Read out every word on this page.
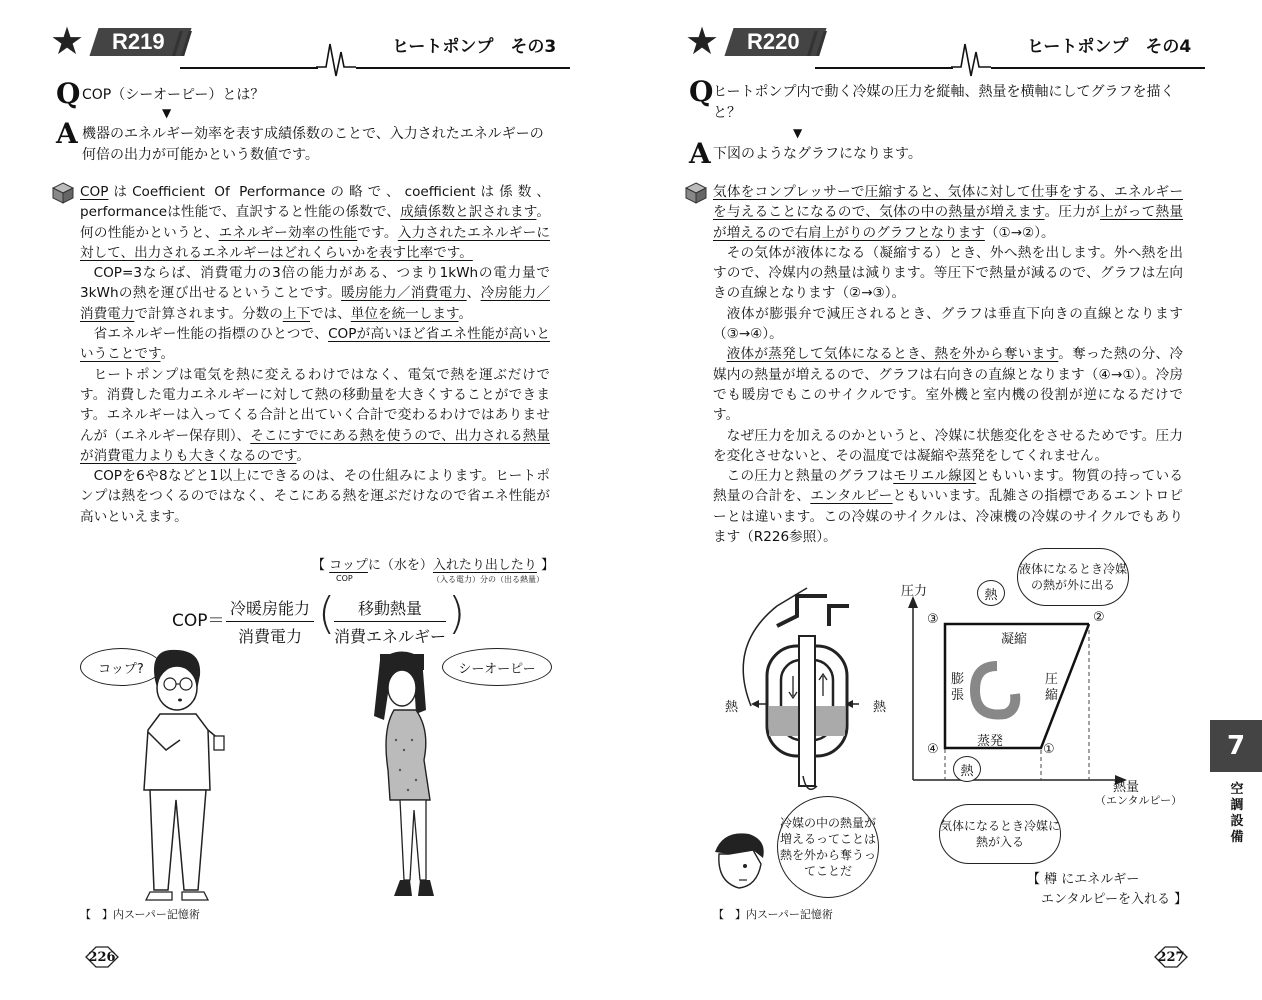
★	R219 //	ヒートポンプ　その3
Q COP（シーオーピー）とは？
▼
A 機器のエネルギー効率を表す成績係数のことで、入力されたエネルギーの何倍の出力が可能かという数値です。

COPはCoefficient Of Performanceの略で、coefficientは係数、performanceは性能で、直訳すると性能の係数で、成績係数と訳されます。何の性能かというと、エネルギー効率の性能です。入力されたエネルギーに対して、出力されるエネルギーはどれくらいかを表す比率です。

COP=3ならば、消費電力の3倍の能力がある、つまり1kWhの電力量で3kWhの熱を運び出せるということです。暖房能力／消費電力、冷房能力／消費電力で計算されます。分数の上下では、単位を統一します。

省エネルギー性能の指標のひとつで、COPが高いほど省エネ性能が高いということです。

ヒートポンプは電気を熱に変えるわけではなく、電気で熱を運ぶだけです。消費した電力エネルギーに対して熱の移動量を大きくすることができます。エネルギーは入ってくる合計と出ていく合計で変わるわけではありませんが（エネルギー保存則）、そこにすでにある熱を使うので、出力される熱量が消費電力よりも大きくなるのです。

COPを6や8などと1以上にできるのは、その仕組みによります。ヒートポンプは熱をつくるのではなく、そこにある熱を運ぶだけなので省エネ性能が高いといえます。

【 コップに（水を）入れたり出したり 】
COP	（入る電力）分の（出る熱量）
COP＝
冷暖房能力
消費電力 (	移動熱量
消費エネルギー )
コップ?	シーオーピー
【　】内スーパー記憶術
226
★	R220 //	ヒートポンプ　その4
Q ヒートポンプ内で動く冷媒の圧力を縦軸、熱量を横軸にしてグラフを描くと？
▼
A 下図のようなグラフになります。

気体をコンプレッサーで圧縮すると、気体に対して仕事をする、エネルギーを与えることになるので、気体の中の熱量が増えます。圧力が上がって熱量が増えるので右肩上がりのグラフとなります（①→②）。

その気体が液体になる（凝縮する）とき、外へ熱を出します。外へ熱を出すので、冷媒内の熱量は減ります。等圧下で熱量が減るので、グラフは左向きの直線となります（②→③）。

液体が膨張弁で減圧されるとき、グラフは垂直下向きの直線となります（③→④）。

液体が蒸発して気体になるとき、熱を外から奪います。奪った熱の分、冷媒内の熱量が増えるので、グラフは右向きの直線となります（④→①）。冷房でも暖房でもこのサイクルです。室外機と室内機の役割が逆になるだけです。

なぜ圧力を加えるのかというと、冷媒に状態変化をさせるためです。圧力を変化させないと、その温度では凝縮や蒸発をしてくれません。

この圧力と熱量のグラフはモリエル線図ともいいます。物質の持っている熱量の合計を、エンタルピーともいいます。乱雑さの指標であるエントロピーとは違います。この冷媒のサイクルは、冷凍機の冷媒のサイクルでもあります（R226参照）。

熱	熱
圧力
熱量
（エンタルピー）
③	②
④	①
凝縮
膨張
圧縮
蒸発
熱
熱
液体になるとき冷媒の熱が外に出る
気体になるとき冷媒に熱が入る
冷媒の中の熱量が増えるってことは熱を外から奪うってことだ
【 樽 にエネルギー
エンタルピーを入れる 】
【　】内スーパー記憶術
227
7
空調設備
